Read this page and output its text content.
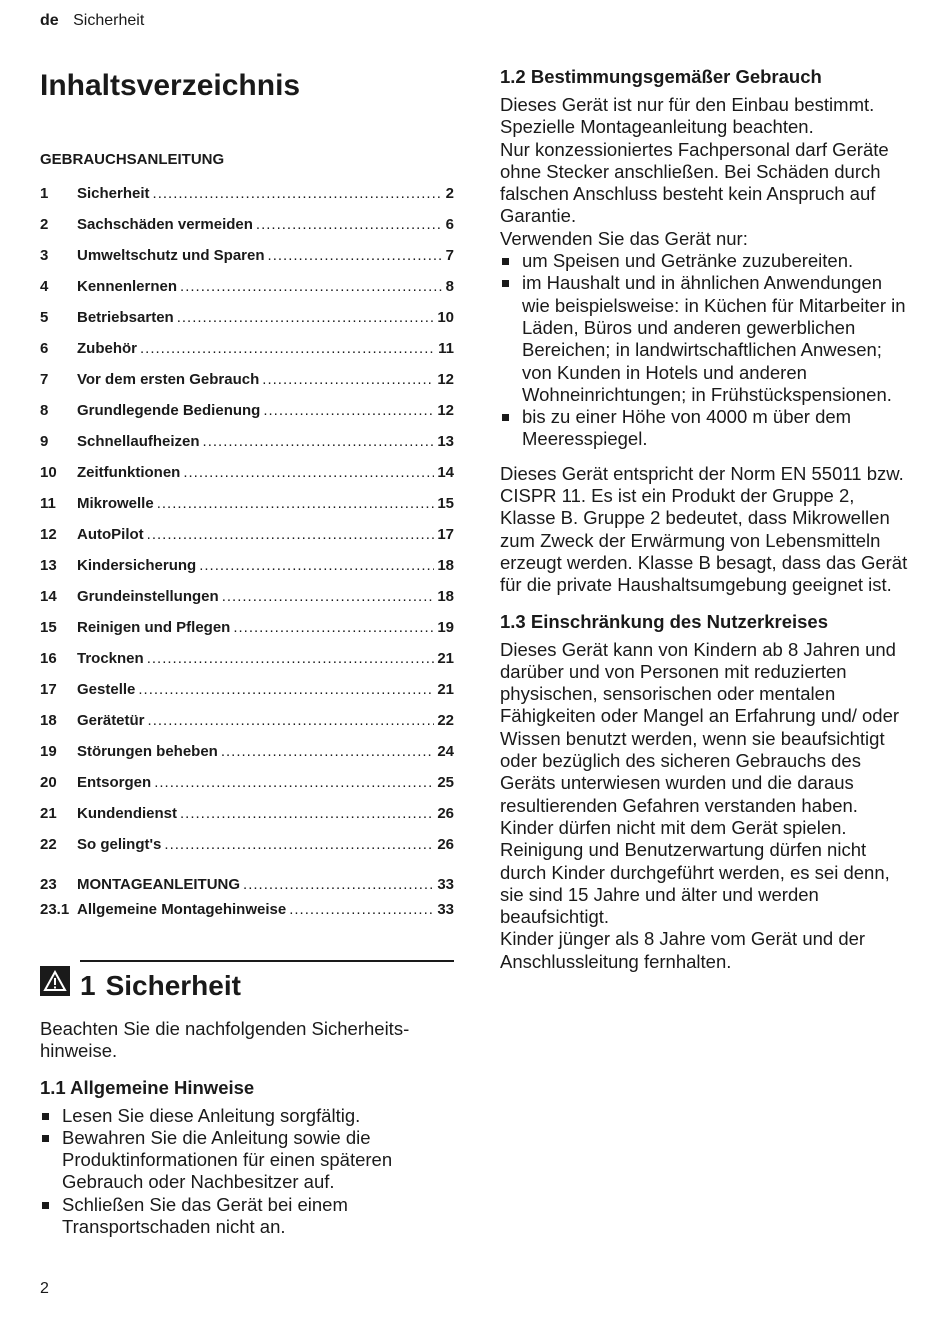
de Sicherheit
Inhaltsverzeichnis
GEBRAUCHSANLEITUNG
1	Sicherheit .....	2
2	Sachschäden vermeiden .....	6
3	Umweltschutz und Sparen .....	7
4	Kennenlernen .....	8
5	Betriebsarten .....	10
6	Zubehör .....	11
7	Vor dem ersten Gebrauch .....	12
8	Grundlegende Bedienung .....	12
9	Schnellaufheizen .....	13
10	Zeitfunktionen .....	14
11	Mikrowelle .....	15
12	AutoPilot .....	17
13	Kindersicherung .....	18
14	Grundeinstellungen .....	18
15	Reinigen und Pflegen .....	19
16	Trocknen .....	21
17	Gestelle .....	21
18	Gerätetür .....	22
19	Störungen beheben .....	24
20	Entsorgen .....	25
21	Kundendienst .....	26
22	So gelingt's .....	26
23	MONTAGEANLEITUNG .....	33
23.1 Allgemeine Montagehinweise .....	33
1 Sicherheit

Beachten Sie die nachfolgenden Sicherheits-hinweise.

1.1 Allgemeine Hinweise
Lesen Sie diese Anleitung sorgfältig.
Bewahren Sie die Anleitung sowie die Produktinformationen für einen späteren Gebrauch oder Nachbesitzer auf.
Schließen Sie das Gerät bei einem Transportschaden nicht an.
1.2 Bestimmungsgemäßer Gebrauch

Dieses Gerät ist nur für den Einbau bestimmt. Spezielle Montageanleitung beachten.

Nur konzessioniertes Fachpersonal darf Geräte ohne Stecker anschließen. Bei Schäden durch falschen Anschluss besteht kein Anspruch auf Garantie.

Verwenden Sie das Gerät nur:

um Speisen und Getränke zuzubereiten.
im Haushalt und in ähnlichen Anwendungen wie beispielsweise: in Küchen für Mitarbeiter in Läden, Büros und anderen gewerblichen Bereichen; in landwirtschaftlichen Anwesen; von Kunden in Hotels und anderen Wohneinrichtungen; in Frühstückspensionen.
bis zu einer Höhe von 4000 m über dem Meeresspiegel.

Dieses Gerät entspricht der Norm EN 55011 bzw. CISPR 11. Es ist ein Produkt der Gruppe 2, Klasse B. Gruppe 2 bedeutet, dass Mikrowellen zum Zweck der Erwärmung von Lebensmitteln erzeugt werden. Klasse B besagt, dass das Gerät für die private Haushaltsumgebung geeignet ist.

1.3 Einschränkung des Nutzerkreises

Dieses Gerät kann von Kindern ab 8 Jahren und darüber und von Personen mit reduzierten physischen, sensorischen oder mentalen Fähigkeiten oder Mangel an Erfahrung und/ oder Wissen benutzt werden, wenn sie beaufsichtigt oder bezüglich des sicheren Gebrauchs des Geräts unterwiesen wurden und die daraus resultierenden Gefahren verstanden haben.

Kinder dürfen nicht mit dem Gerät spielen.

Reinigung und Benutzerwartung dürfen nicht durch Kinder durchgeführt werden, es sei denn, sie sind 15 Jahre und älter und werden beaufsichtigt.

Kinder jünger als 8 Jahre vom Gerät und der Anschlussleitung fernhalten.

2
